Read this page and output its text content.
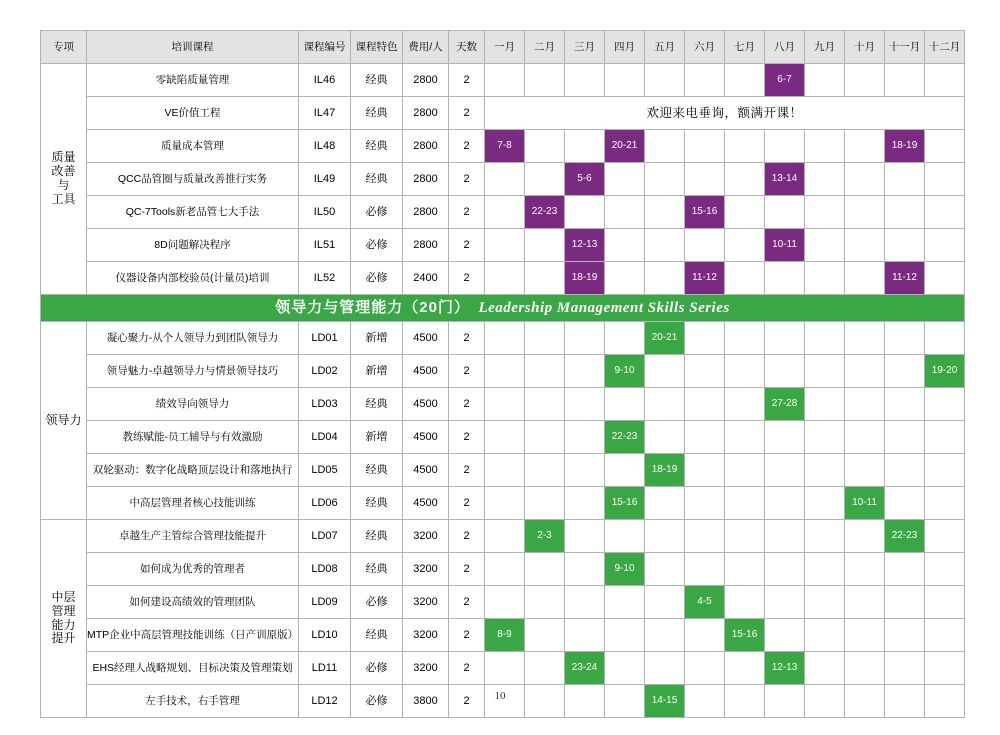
专项	培训课程	课程编号	课程特色	费用/人	天数	一月	二月	三月	四月	五月	六月	七月	八月	九月	十月	十一月	十二月

质量
改善
与
工具	零缺陷质量管理	IL46	经典	2800	2								6-7				
	VE价值工程	IL47	经典	2800	2	欢迎来电垂询，额满开课！											
	质量成本管理	IL48	经典	2800	2	7-8			20-21							18-19	
	QCC品管圈与质量改善推行实务	IL49	经典	2800	2			5-6					13-14				
	QC-7Tools新老品管七大手法	IL50	必修	2800	2		22-23				15-16						
	8D问题解决程序	IL51	必修	2800	2			12-13					10-11				
	仪器设备内部校验员(计量员)培训	IL52	必修	2400	2			18-19			11-12					11-12	
领导力与管理能力（20门）  Leadership Management Skills Series																	

领导力	凝心聚力-从个人领导力到团队领导力	LD01	新增	4500	2					20-21							
	领导魅力-卓越领导力与情景领导技巧	LD02	新增	4500	2				9-10								19-20
	绩效导向领导力	LD03	经典	4500	2								27-28				
	教练赋能-员工辅导与有效激励	LD04	新增	4500	2				22-23								
	双轮驱动：数字化战略顶层设计和落地执行	LD05	经典	4500	2					18-19							
	中高层管理者核心技能训练	LD06	经典	4500	2				15-16						10-11		

中层
管理
能力
提升	卓越生产主管综合管理技能提升	LD07	经典	3200	2		2-3									22-23	
	如何成为优秀的管理者	LD08	经典	3200	2				9-10								
	如何建设高绩效的管理团队	LD09	必修	3200	2						4-5						
	MTP企业中高层管理技能训练（日产训原版）	LD10	经典	3200	2	8-9						15-16					
	EHS经理人战略规划、目标决策及管理策划	LD11	必修	3200	2			23-24					12-13				
	左手技术，右手管理	LD12	必修	3800	2					14-15							
10
